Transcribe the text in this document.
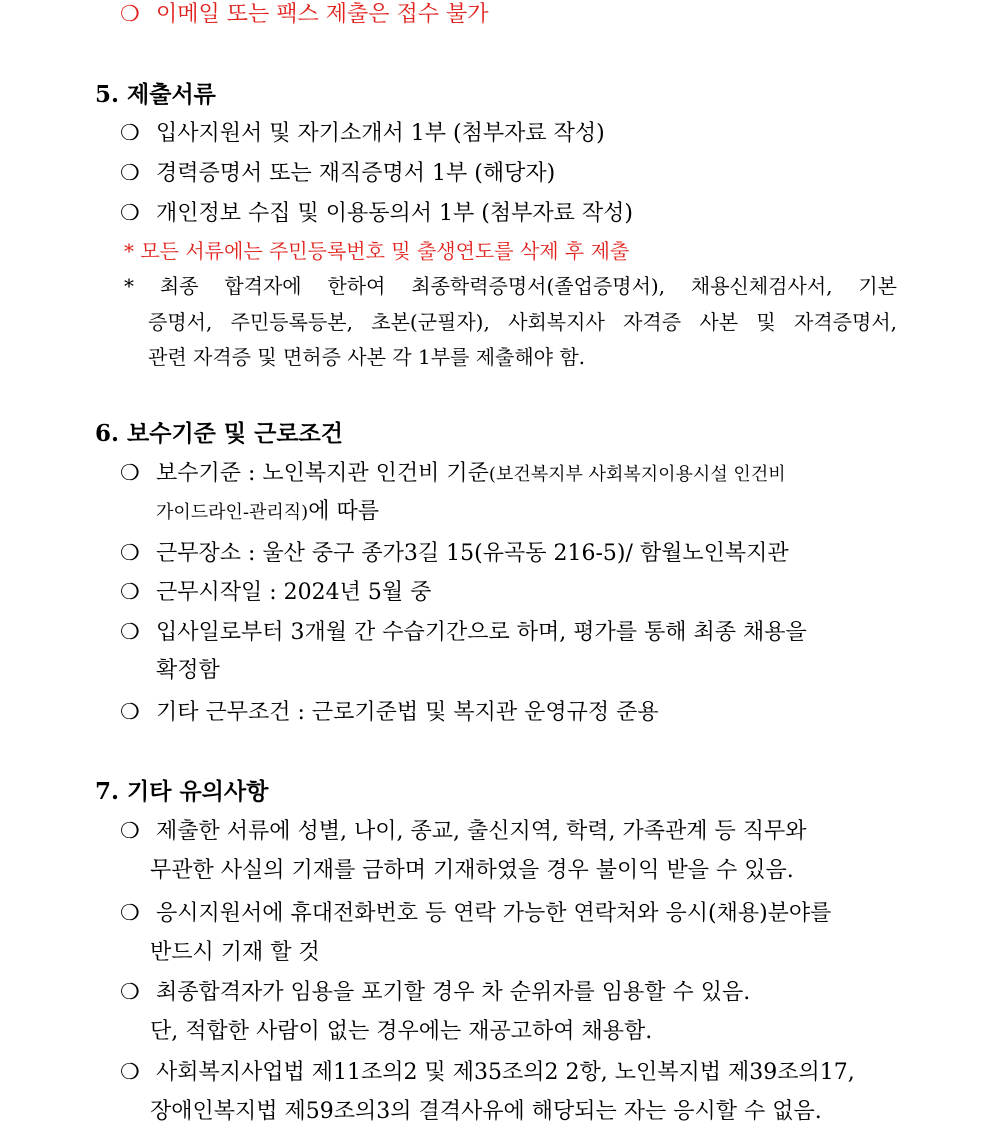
❍ 이메일 또는 팩스 제출은 접수 불가
5. 제출서류
❍ 입사지원서 및 자기소개서 1부 (첨부자료 작성)
❍ 경력증명서 또는 재직증명서 1부 (해당자)
❍ 개인정보 수집 및 이용동의서 1부 (첨부자료 작성)
* 모든 서류에는 주민등록번호 및 출생연도를 삭제 후 제출
* 최종 합격자에 한하여 최종학력증명서(졸업증명서), 채용신체검사서, 기본
증명서, 주민등록등본, 초본(군필자), 사회복지사 자격증 사본 및 자격증명서,
관련 자격증 및 면허증 사본 각 1부를 제출해야 함.
6. 보수기준 및 근로조건
❍ 보수기준 : 노인복지관 인건비 기준(보건복지부 사회복지이용시설 인건비
가이드라인-관리직)에 따름
❍ 근무장소 : 울산 중구 종가3길 15(유곡동 216-5)/ 함월노인복지관
❍ 근무시작일 : 2024년 5월 중
❍ 입사일로부터 3개월 간 수습기간으로 하며, 평가를 통해 최종 채용을
확정함
❍ 기타 근무조건 : 근로기준법 및 복지관 운영규정 준용
7. 기타 유의사항
❍ 제출한 서류에 성별, 나이, 종교, 출신지역, 학력, 가족관계 등 직무와
무관한 사실의 기재를 금하며 기재하였을 경우 불이익 받을 수 있음.
❍ 응시지원서에 휴대전화번호 등 연락 가능한 연락처와 응시(채용)분야를
반드시 기재 할 것
❍ 최종합격자가 임용을 포기할 경우 차 순위자를 임용할 수 있음.
단, 적합한 사람이 없는 경우에는 재공고하여 채용함.
❍ 사회복지사업법 제11조의2 및 제35조의2 2항, 노인복지법 제39조의17,
장애인복지법 제59조의3의 결격사유에 해당되는 자는 응시할 수 없음.
